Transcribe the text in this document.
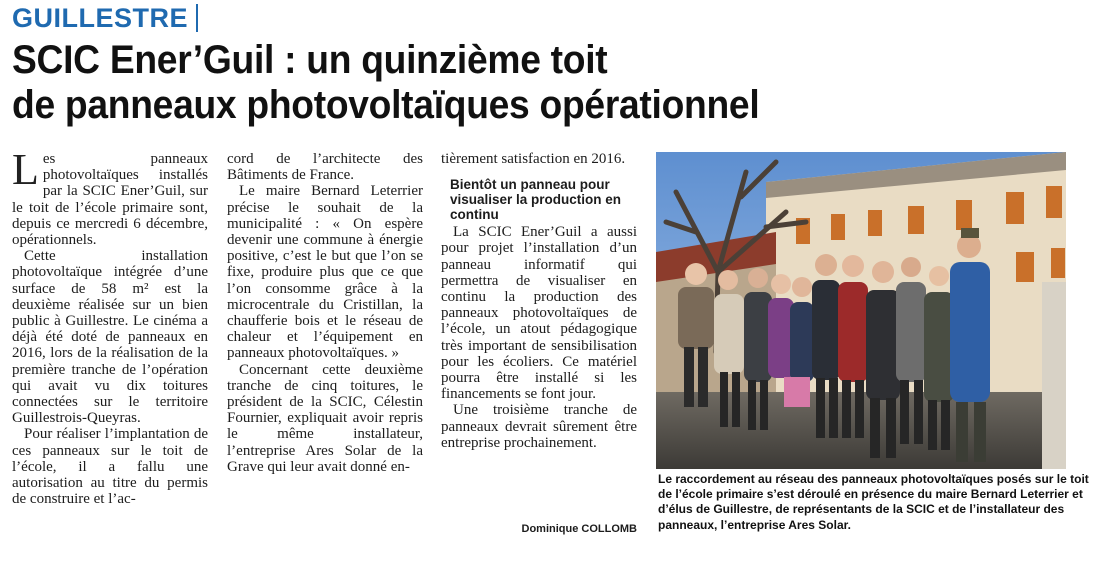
GUILLESTRE
SCIC Ener’Guil : un quinzième toit
de panneaux photovoltaïques opérationnel

Les panneaux photovoltaïques installés par la SCIC Ener’Guil, sur le toit de l’école primaire sont, depuis ce mercredi 6 décembre, opérationnels.

Cette installation photovoltaïque intégrée d’une surface de 58 m² est la deuxième réalisée sur un bien public à Guillestre. Le cinéma a déjà été doté de panneaux en 2016, lors de la réalisation de la première tranche de l’opération qui avait vu dix toitures connectées sur le territoire Guillestrois-Queyras.

Pour réaliser l’implantation de ces panneaux sur le toit de l’école, il a fallu une autorisation au titre du permis de construire et l’ac-

cord de l’architecte des Bâtiments de France.

Le maire Bernard Leterrier précise le souhait de la municipalité : « On espère devenir une commune à énergie positive, c’est le but que l’on se fixe, produire plus que ce que l’on consomme grâce à la microcentrale du Cristillan, la chaufferie bois et le réseau de chaleur et l’équipement en panneaux photovoltaïques. »

Concernant cette deuxième tranche de cinq toitures, le président de la SCIC, Célestin Fournier, expliquait avoir repris le même installateur, l’entreprise Ares Solar de la Grave qui leur avait donné en-

tièrement satisfaction en 2016.

Bientôt un panneau pour visualiser la production en continu

La SCIC Ener’Guil a aussi pour projet l’installation d’un panneau informatif qui permettra de visualiser en continu la production des panneaux photovoltaïques de l’école, un atout pédagogique très important de sensibilisation pour les écoliers. Ce matériel pourra être installé si les financements se font jour.

Une troisième tranche de panneaux devrait sûrement être entreprise prochainement.

Dominique COLLOMB
Le raccordement au réseau des panneaux photovoltaïques posés sur le toit de l’école primaire s’est déroulé en présence du maire Bernard Leterrier et d’élus de Guillestre, de représentants de la SCIC et de l’installateur des panneaux, l’entreprise Ares Solar.
